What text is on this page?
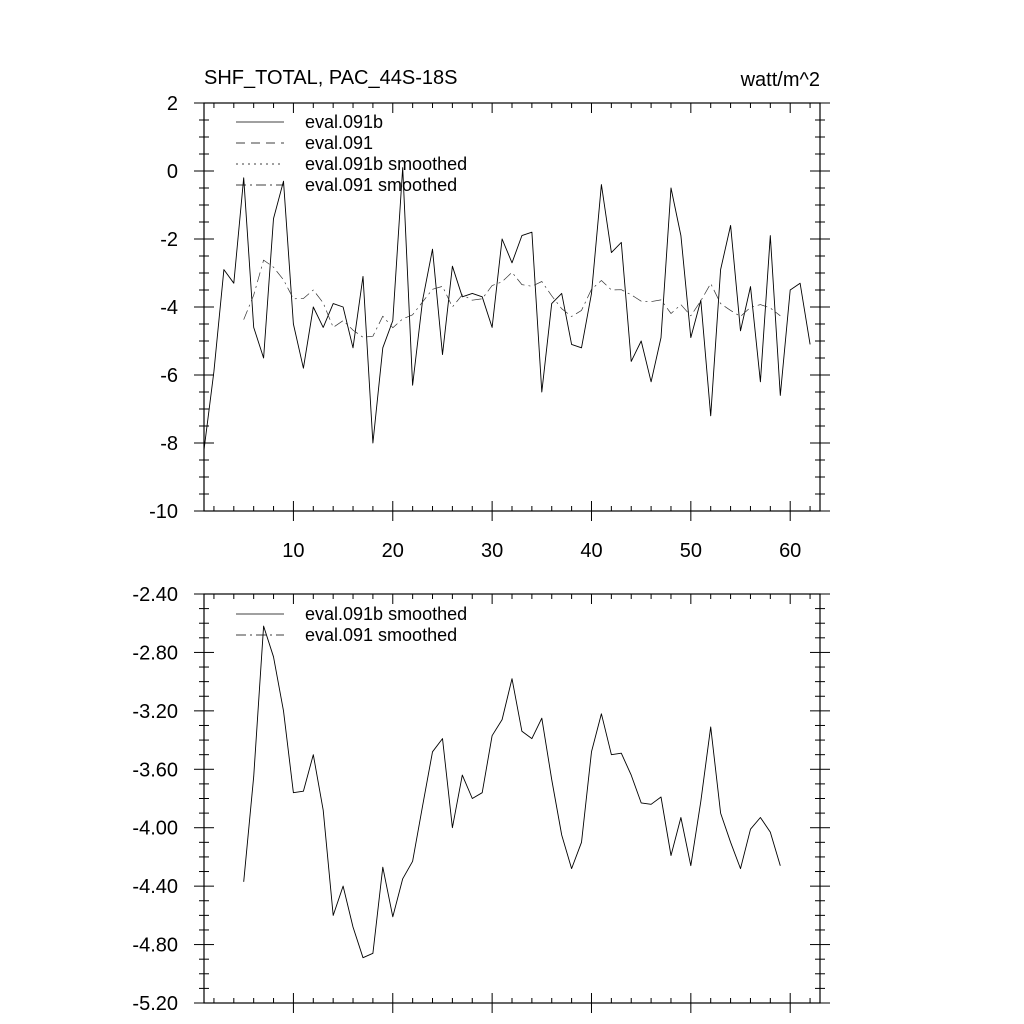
SHF_TOTAL, PAC_44S-18S	watt/m^2
10	20	30	40	50	60
2
0
-2
-4
-6
-8
-10
eval.091b
eval.091
eval.091b smoothed
eval.091 smoothed
-2.40
-2.80
-3.20
-3.60
-4.00
-4.40
-4.80
-5.20
eval.091b smoothed
eval.091 smoothed
